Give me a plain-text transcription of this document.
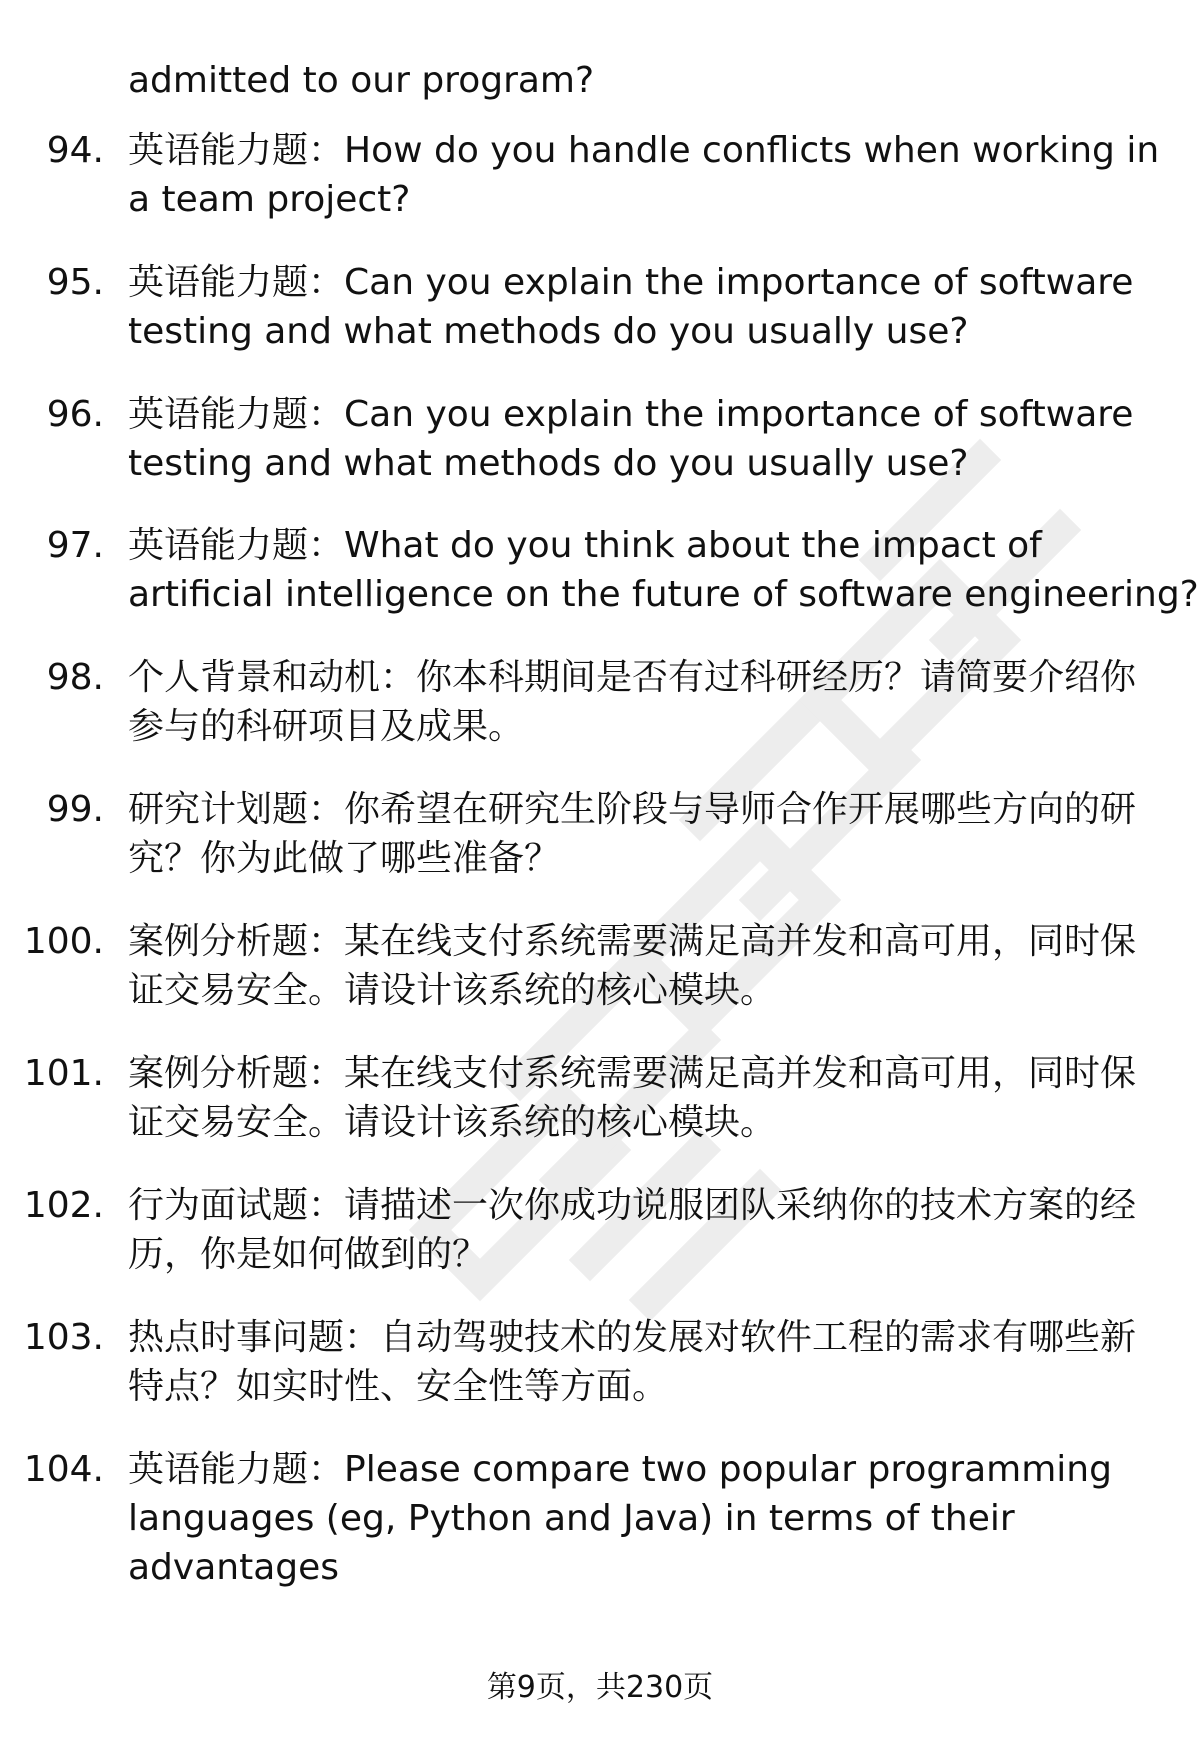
admitted to our program?
94. 英语能力题：How do you handle conflicts when working in
a team project?
95. 英语能力题：Can you explain the importance of software
testing and what methods do you usually use?
96. 英语能力题：Can you explain the importance of software
testing and what methods do you usually use?
97. 英语能力题：What do you think about the impact of
artificial intelligence on the future of software engineering?
98. 个人背景和动机：你本科期间是否有过科研经历？请简要介绍你
参与的科研项目及成果。
99. 研究计划题：你希望在研究生阶段与导师合作开展哪些方向的研
究？你为此做了哪些准备？
100. 案例分析题：某在线支付系统需要满足高并发和高可用，同时保
证交易安全。请设计该系统的核心模块。
101. 案例分析题：某在线支付系统需要满足高并发和高可用，同时保
证交易安全。请设计该系统的核心模块。
102. 行为面试题：请描述一次你成功说服团队采纳你的技术方案的经
历，你是如何做到的？
103. 热点时事问题：自动驾驶技术的发展对软件工程的需求有哪些新
特点？如实时性、安全性等方面。
104. 英语能力题：Please compare two popular programming
languages (eg, Python and Java) in terms of their
advantages
第9页，共230页
